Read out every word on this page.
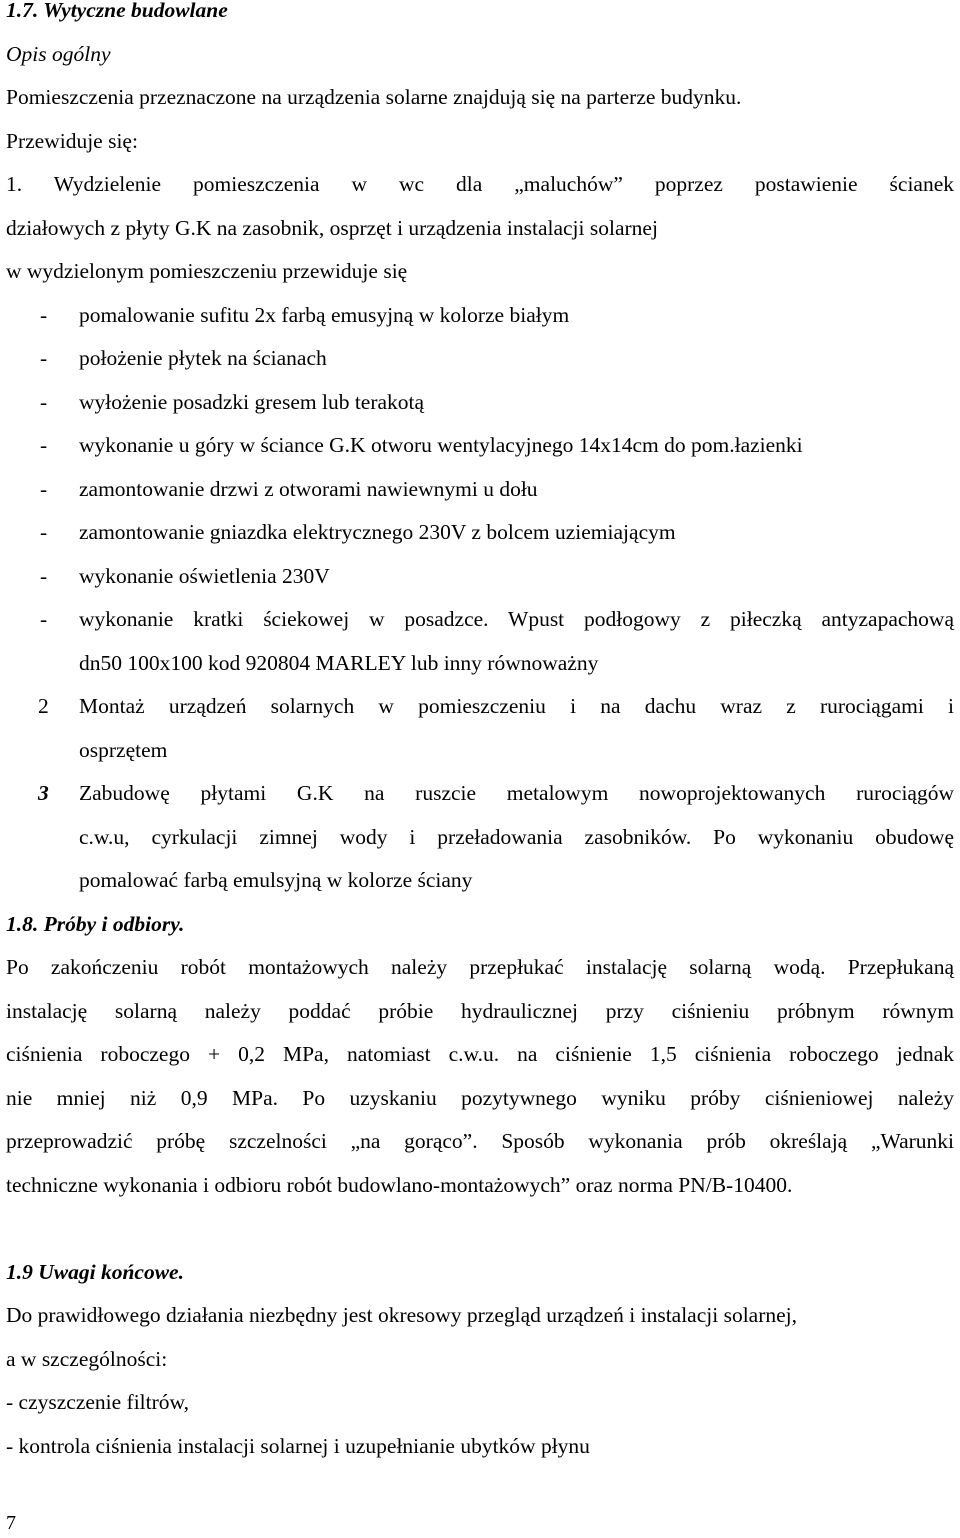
1.7. Wytyczne budowlane
Opis ogólny
Pomieszczenia przeznaczone na urządzenia solarne znajdują się na parterze budynku.
Przewiduje się:
1. Wydzielenie pomieszczenia w wc dla „maluchów” poprzez postawienie ścianek
działowych z płyty G.K na zasobnik, osprzęt i urządzenia instalacji solarnej
w wydzielonym pomieszczeniu przewiduje się
- pomalowanie sufitu 2x farbą emusyjną w kolorze białym
- położenie płytek na ścianach
- wyłożenie posadzki gresem lub terakotą
- wykonanie u góry w ściance G.K otworu wentylacyjnego 14x14cm do pom.łazienki
- zamontowanie drzwi z otworami nawiewnymi u dołu
- zamontowanie gniazdka elektrycznego 230V z bolcem uziemiającym
- wykonanie oświetlenia 230V
- wykonanie kratki ściekowej w posadzce. Wpust podłogowy z piłeczką antyzapachową
dn50 100x100 kod 920804 MARLEY lub inny równoważny
2 Montaż urządzeń solarnych w pomieszczeniu i na dachu wraz z rurociągami i
osprzętem
3 Zabudowę płytami G.K na ruszcie metalowym nowoprojektowanych rurociągów
c.w.u, cyrkulacji zimnej wody i przeładowania zasobników. Po wykonaniu obudowę
pomalować farbą emulsyjną w kolorze ściany
1.8. Próby i odbiory.
Po zakończeniu robót montażowych należy przepłukać instalację solarną wodą. Przepłukaną
instalację solarną należy poddać próbie hydraulicznej przy ciśnieniu próbnym równym
ciśnienia roboczego + 0,2 MPa, natomiast c.w.u. na ciśnienie 1,5 ciśnienia roboczego jednak
nie mniej niż 0,9 MPa. Po uzyskaniu pozytywnego wyniku próby ciśnieniowej należy
przeprowadzić próbę szczelności „na gorąco”. Sposób wykonania prób określają „Warunki
techniczne wykonania i odbioru robót budowlano-montażowych” oraz norma PN/B-10400.
1.9 Uwagi końcowe.
Do prawidłowego działania niezbędny jest okresowy przegląd urządzeń i instalacji solarnej,
a w szczególności:
- czyszczenie filtrów,
- kontrola ciśnienia instalacji solarnej i uzupełnianie ubytków płynu
7
